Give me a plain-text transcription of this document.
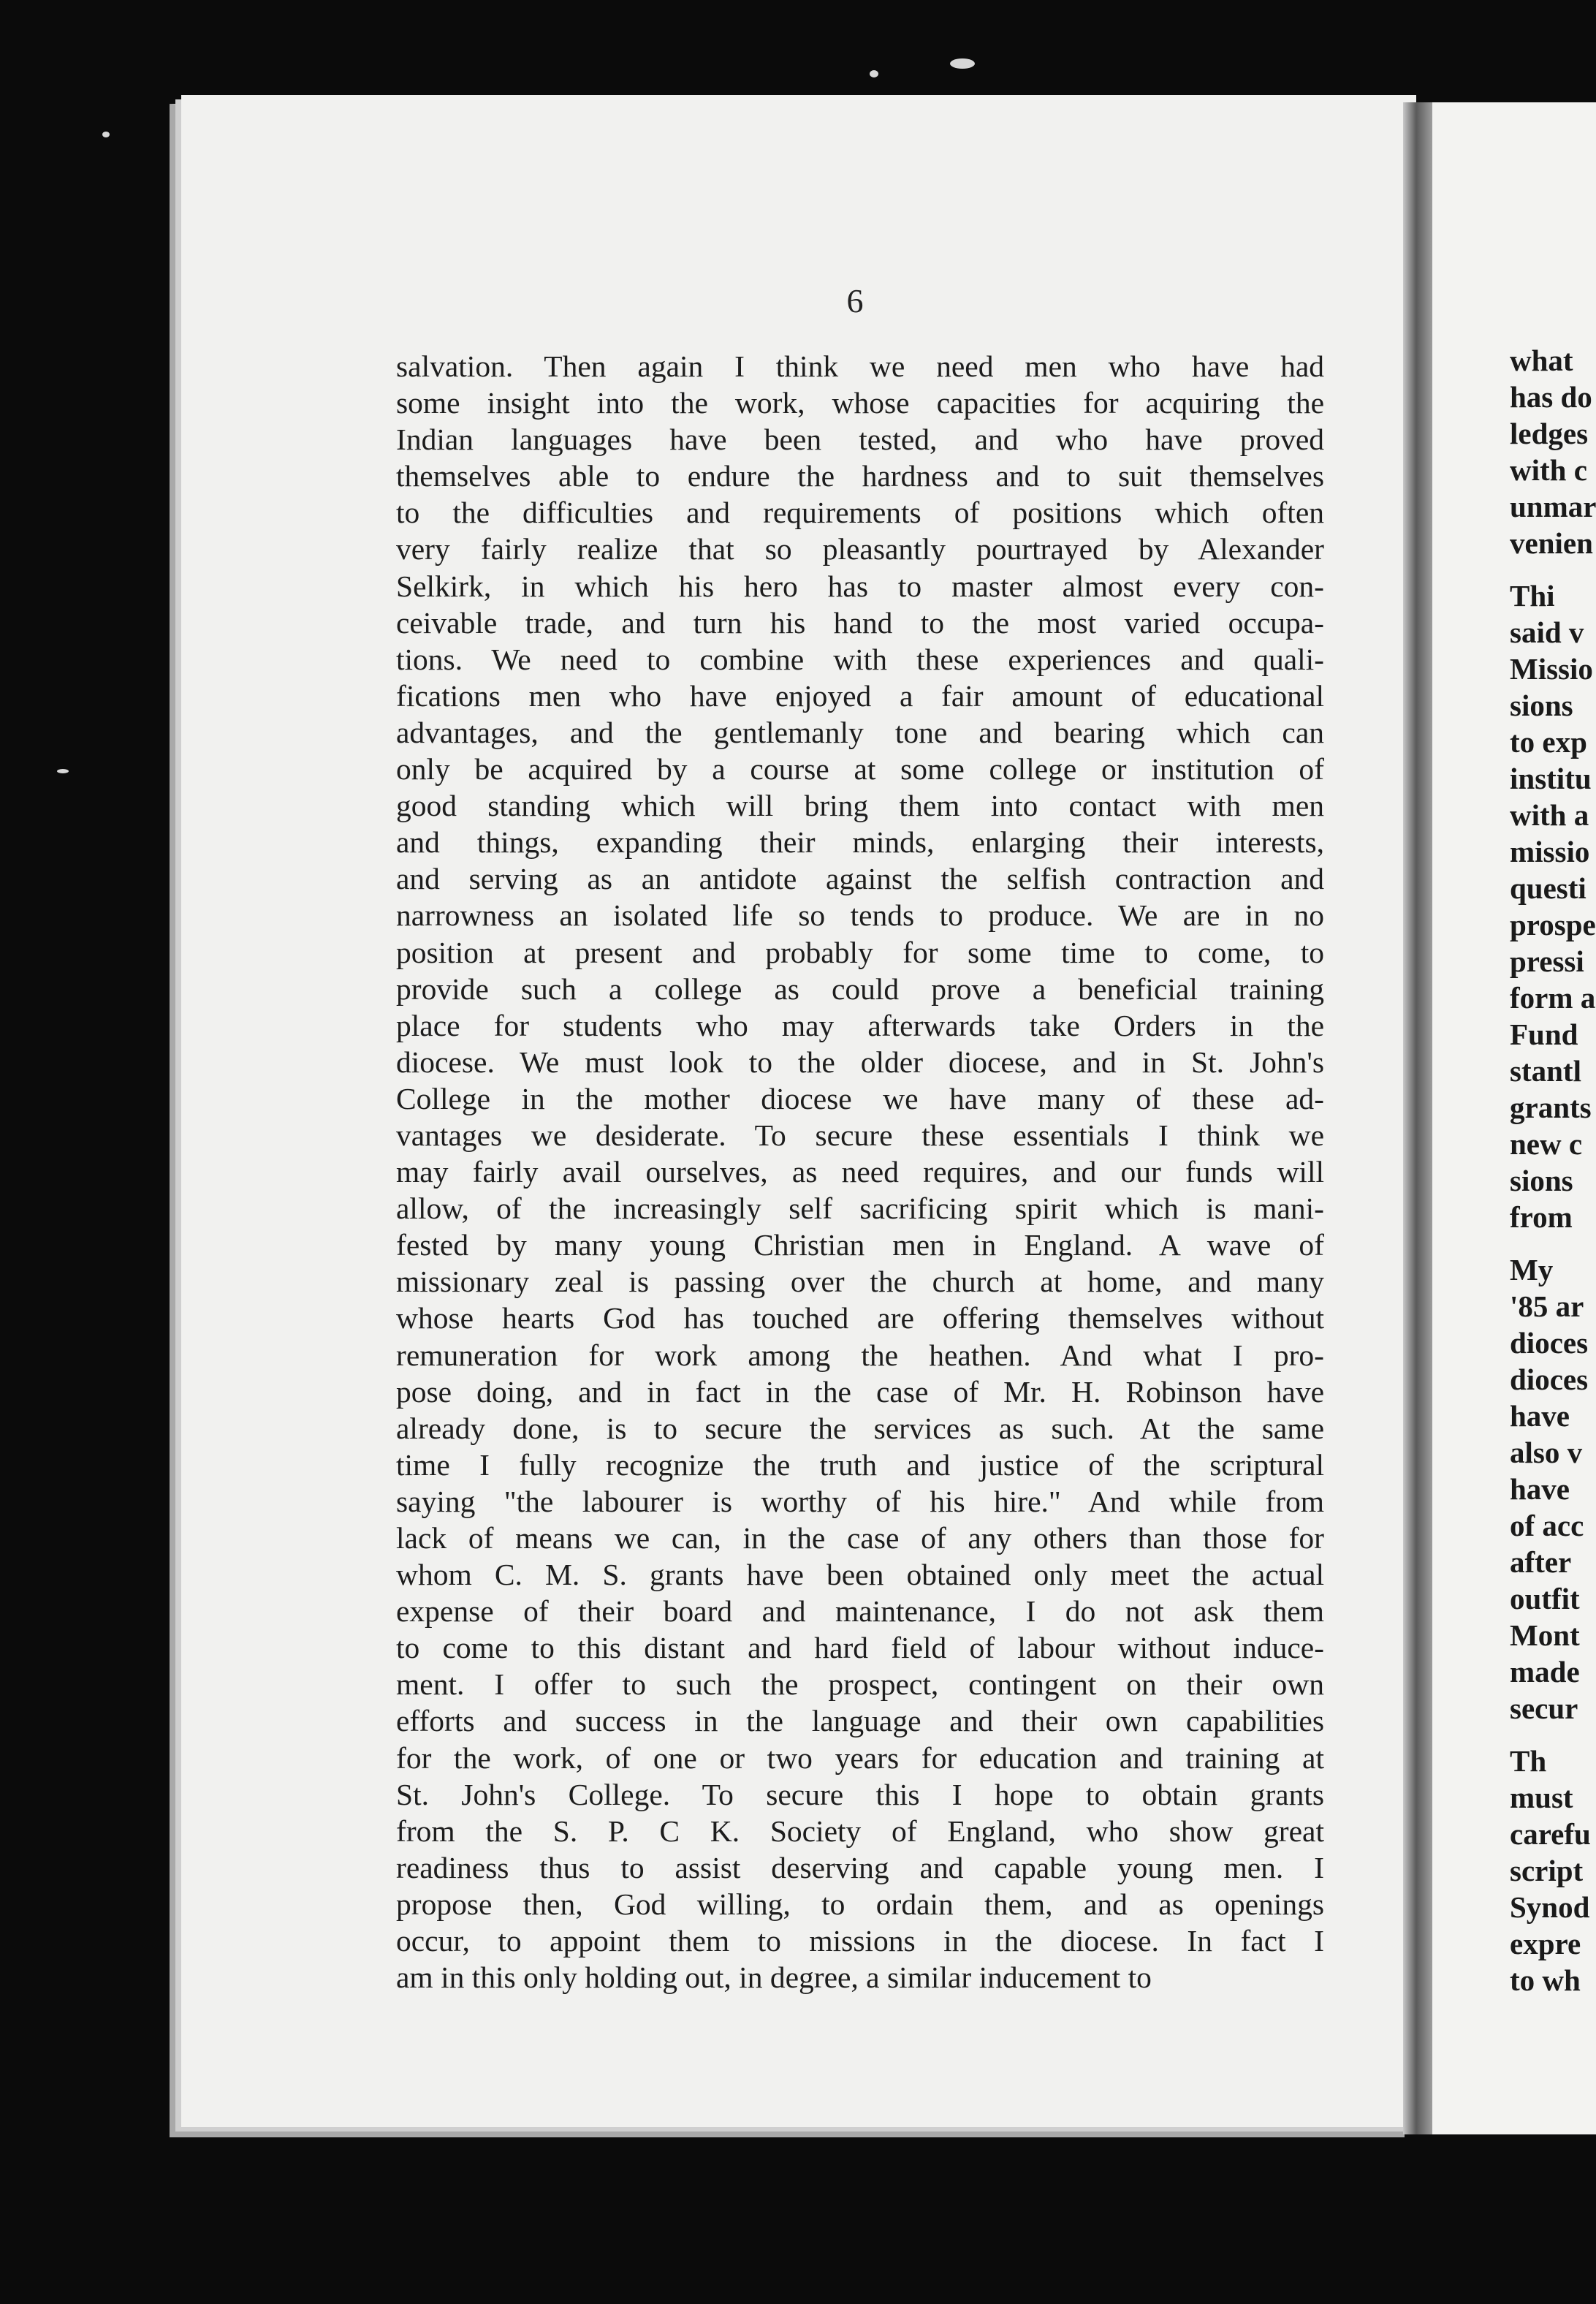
6
salvation. Then again I think we need men who have had
some insight into the work, whose capacities for acquiring the
Indian languages have been tested, and who have proved
themselves able to endure the hardness and to suit themselves
to the difficulties and requirements of positions which often
very fairly realize that so pleasantly pourtrayed by Alexander
Selkirk, in which his hero has to master almost every con-
ceivable trade, and turn his hand to the most varied occupa-
tions. We need to combine with these experiences and quali-
fications men who have enjoyed a fair amount of educational
advantages, and the gentlemanly tone and bearing which can
only be acquired by a course at some college or institution of
good standing which will bring them into contact with men
and things, expanding their minds, enlarging their interests,
and serving as an antidote against the selfish contraction and
narrowness an isolated life so tends to produce. We are in no
position at present and probably for some time to come, to
provide such a college as could prove a beneficial training
place for students who may afterwards take Orders in the
diocese. We must look to the older diocese, and in St. John's
College in the mother diocese we have many of these ad-
vantages we desiderate. To secure these essentials I think we
may fairly avail ourselves, as need requires, and our funds will
allow, of the increasingly self sacrificing spirit which is mani-
fested by many young Christian men in England. A wave of
missionary zeal is passing over the church at home, and many
whose hearts God has touched are offering themselves without
remuneration for work among the heathen. And what I pro-
pose doing, and in fact in the case of Mr. H. Robinson have
already done, is to secure the services as such. At the same
time I fully recognize the truth and justice of the scriptural
saying "the labourer is worthy of his hire." And while from
lack of means we can, in the case of any others than those for
whom C. M. S. grants have been obtained only meet the actual
expense of their board and maintenance, I do not ask them
to come to this distant and hard field of labour without induce-
ment. I offer to such the prospect, contingent on their own
efforts and success in the language and their own capabilities
for the work, of one or two years for education and training at
St. John's College. To secure this I hope to obtain grants
from the S. P. C K. Society of England, who show great
readiness thus to assist deserving and capable young men. I
propose then, God willing, to ordain them, and as openings
occur, to appoint them to missions in the diocese. In fact I
am in this only holding out, in degree, a similar inducement to
what
has do
ledges
with c
unmar
venien
Thi
said v
Missio
sions
to exp
institu
with a
missio
questi
prospe
pressi
form a
Fund
stantl
grants
new c
sions
from
My
'85 ar
dioces
dioces
have
also v
have
of acc
after
outfit
Mont
made
secur
Th
must
carefu
script
Synod
expre
to wh
